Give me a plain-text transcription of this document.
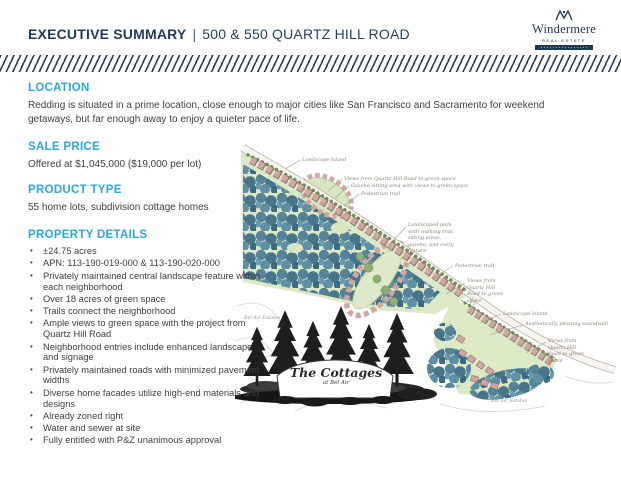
EXECUTIVE SUMMARY | 500 & 550 QUARTZ HILL ROAD	Windermere
REAL ESTATE
LOCATION

Redding is situated in a prime location, close enough to major cities like San Francisco and Sacramento for weekend getaways, but far enough away to enjoy a quieter pace of life.

SALE PRICE

Offered at $1,045,000 ($19,000 per lot)

PRODUCT TYPE

55 home lots, subdivision cottage homes

PROPERTY DETAILS
• ±24.75 acres
• APN: 113-190-019-000 & 113-190-020-000
• Privately maintained central landscape feature within each neighborhood
• Over 18 acres of green space
• Trails connect the neighborhood
• Ample views to green space with the project from Quartz Hill Road
• Neighborhood entries include enhanced landscape and signage
• Privately maintained roads with minimized pavement widths
• Diverse home facades utilize high-end materials and designs
• Already zoned right
• Water and sewer at site
• Fully entitled with P&Z unanimous approval
Landscape Island
Views from Quartz Hill Road to green space
Gazebo sitting area with views to green space
Pedestrian trail
Landscaped park with walking trail, sitting areas, gazebo, and entry feature
Pedestrian trail
Views from Quartz Hill Road to green space
Landscape Island
Aesthetically pleasing soundwall
Views from Quartz Hill Road to green space
Bel Air Estates
Bel Air Estates
The Cottages
at Bel Air
